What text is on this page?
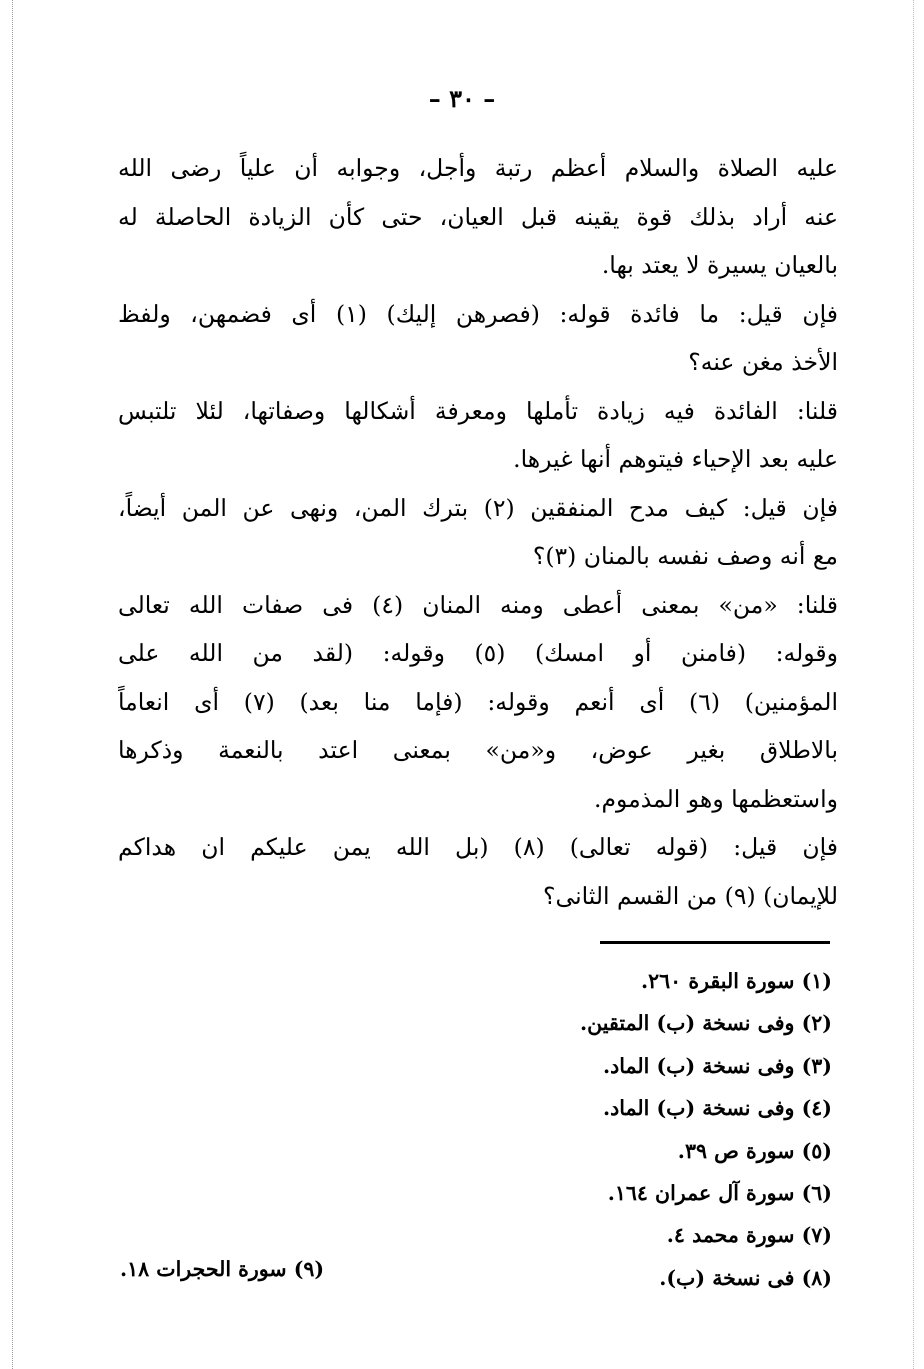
– ٣٠ –
عليه الصلاة والسلام أعظم رتبة وأجل، وجوابه أن علياً رضى الله
عنه أراد بذلك قوة يقينه قبل العيان، حتى كأن الزيادة الحاصلة له
بالعيان يسيرة لا يعتد بها.
فإن قيل: ما فائدة قوله: (فصرهن إليك) (١) أى فضمهن، ولفظ
الأخذ مغن عنه؟
قلنا: الفائدة فيه زيادة تأملها ومعرفة أشكالها وصفاتها، لئلا تلتبس
عليه بعد الإحياء فيتوهم أنها غيرها.
فإن قيل: كيف مدح المنفقين (٢) بترك المن، ونهى عن المن أيضاً،
مع أنه وصف نفسه بالمنان (٣)؟
قلنا: «من» بمعنى أعطى ومنه المنان (٤) فى صفات الله تعالى
وقوله: (فامنن أو امسك) (٥) وقوله: (لقد من الله على
المؤمنين) (٦) أى أنعم وقوله: (فإما منا بعد) (٧) أى انعاماً
بالاطلاق بغير عوض، و«من» بمعنى اعتد بالنعمة وذكرها
واستعظمها وهو المذموم.
فإن قيل: (قوله تعالى) (٨) (بل الله يمن عليكم ان هداكم
للإيمان) (٩) من القسم الثانى؟
(١) سورة البقرة ٢٦٠.
(٢) وفى نسخة (ب) المتقين.
(٣) وفى نسخة (ب) الماد.
(٤) وفى نسخة (ب) الماد.
(٥) سورة ص ٣٩.
(٦) سورة آل عمران ١٦٤.
(٧) سورة محمد ٤.
(٨) فى نسخة (ب).
(٩) سورة الحجرات ١٨.
